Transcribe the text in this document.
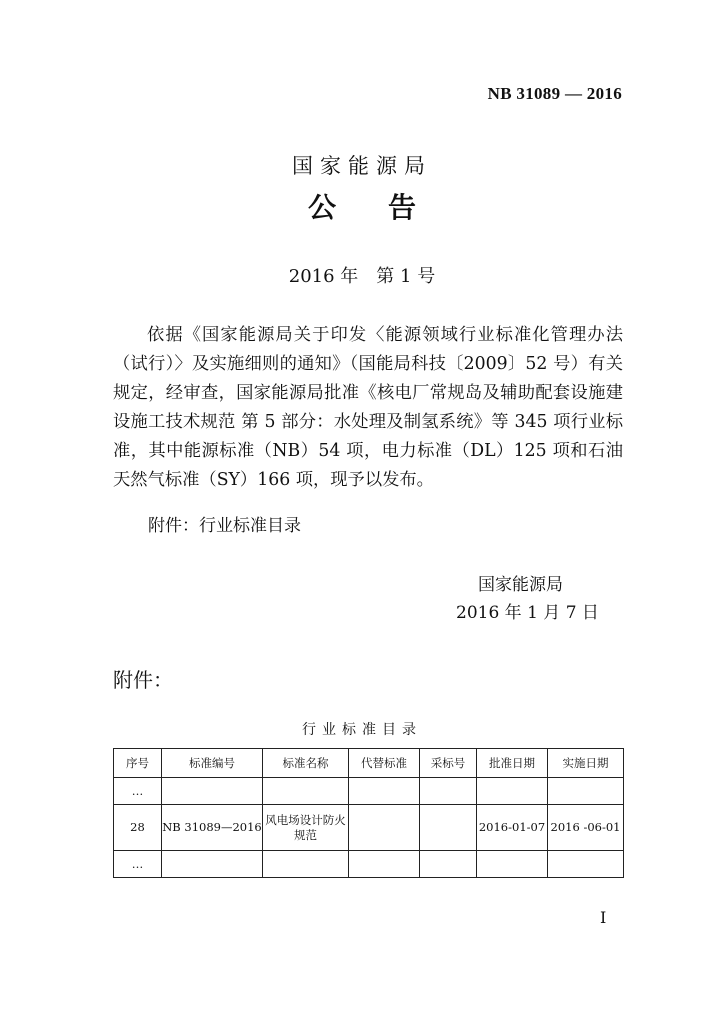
NB 31089 — 2016
国家能源局
公 告
2016 年　第 1 号

依据《国家能源局关于印发〈能源领域行业标准化管理办法（试行）〉及实施细则的通知》（国能局科技〔2009〕52 号）有关规定，经审查，国家能源局批准《核电厂常规岛及辅助配套设施建设施工技术规范 第 5 部分：水处理及制氢系统》等 345 项行业标准，其中能源标准（NB）54 项，电力标准（DL）125 项和石油天然气标准（SY）166 项，现予以发布。

附件：行业标准目录
国家能源局
2016 年 1 月 7 日
附件：
行业标准目录
序号	标准编号	标准名称	代替标准	采标号	批准日期	实施日期
…						
28	NB 31089—2016	风电场设计防火规范			2016-01-07	2016 -06-01
…						
I
